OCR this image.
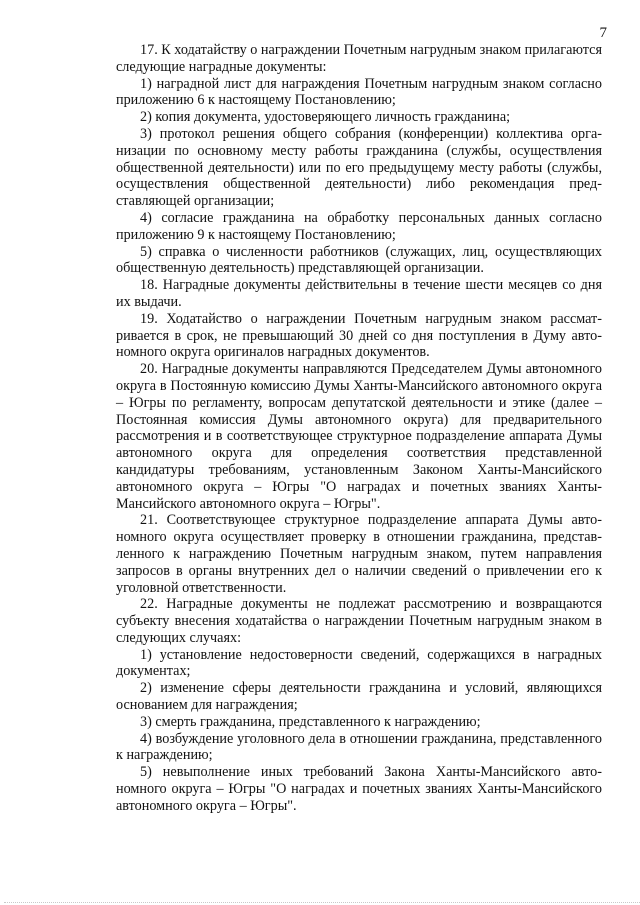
7

17. К ходатайству о награждении Почетным нагрудным знаком прилагаются следующие наградные документы:

1) наградной лист для награждения Почетным нагрудным знаком согласно приложению 6 к настоящему Постановлению;

2) копия документа, удостоверяющего личность гражданина;

3) протокол решения общего собрания (конференции) коллектива организации по основному месту работы гражданина (службы, осуществления общественной деятельности) или по его предыдущему месту работы (службы, осуществления общественной деятельности) либо рекомендация представляющей организации;

4) согласие гражданина на обработку персональных данных согласно приложению 9 к настоящему Постановлению;

5) справка о численности работников (служащих, лиц, осуществляющих общественную деятельность) представляющей организации.

18. Наградные документы действительны в течение шести месяцев со дня их выдачи.

19. Ходатайство о награждении Почетным нагрудным знаком рассматривается в срок, не превышающий 30 дней со дня поступления в Думу автономного округа оригиналов наградных документов.

20. Наградные документы направляются Председателем Думы автономного округа в Постоянную комиссию Думы Ханты-Мансийского автономного округа – Югры по регламенту, вопросам депутатской деятельности и этике (далее – Постоянная комиссия Думы автономного округа) для предварительного рассмотрения и в соответствующее структурное подразделение аппарата Думы автономного округа для определения соответствия представленной кандидатуры требованиям, установленным Законом Ханты-Мансийского автономного округа – Югры "О наградах и почетных званиях Ханты-Мансийского автономного округа – Югры".

21. Соответствующее структурное подразделение аппарата Думы автономного округа осуществляет проверку в отношении гражданина, представленного к награждению Почетным нагрудным знаком, путем направления запросов в органы внутренних дел о наличии сведений о привлечении его к уголовной ответственности.

22. Наградные документы не подлежат рассмотрению и возвращаются субъекту внесения ходатайства о награждении Почетным нагрудным знаком в следующих случаях:

1) установление недостоверности сведений, содержащихся в наградных документах;

2) изменение сферы деятельности гражданина и условий, являющихся основанием для награждения;

3) смерть гражданина, представленного к награждению;

4) возбуждение уголовного дела в отношении гражданина, представленного к награждению;

5) невыполнение иных требований Закона Ханты-Мансийского автономного округа – Югры "О наградах и почетных званиях Ханты-Мансийского автономного округа – Югры".
